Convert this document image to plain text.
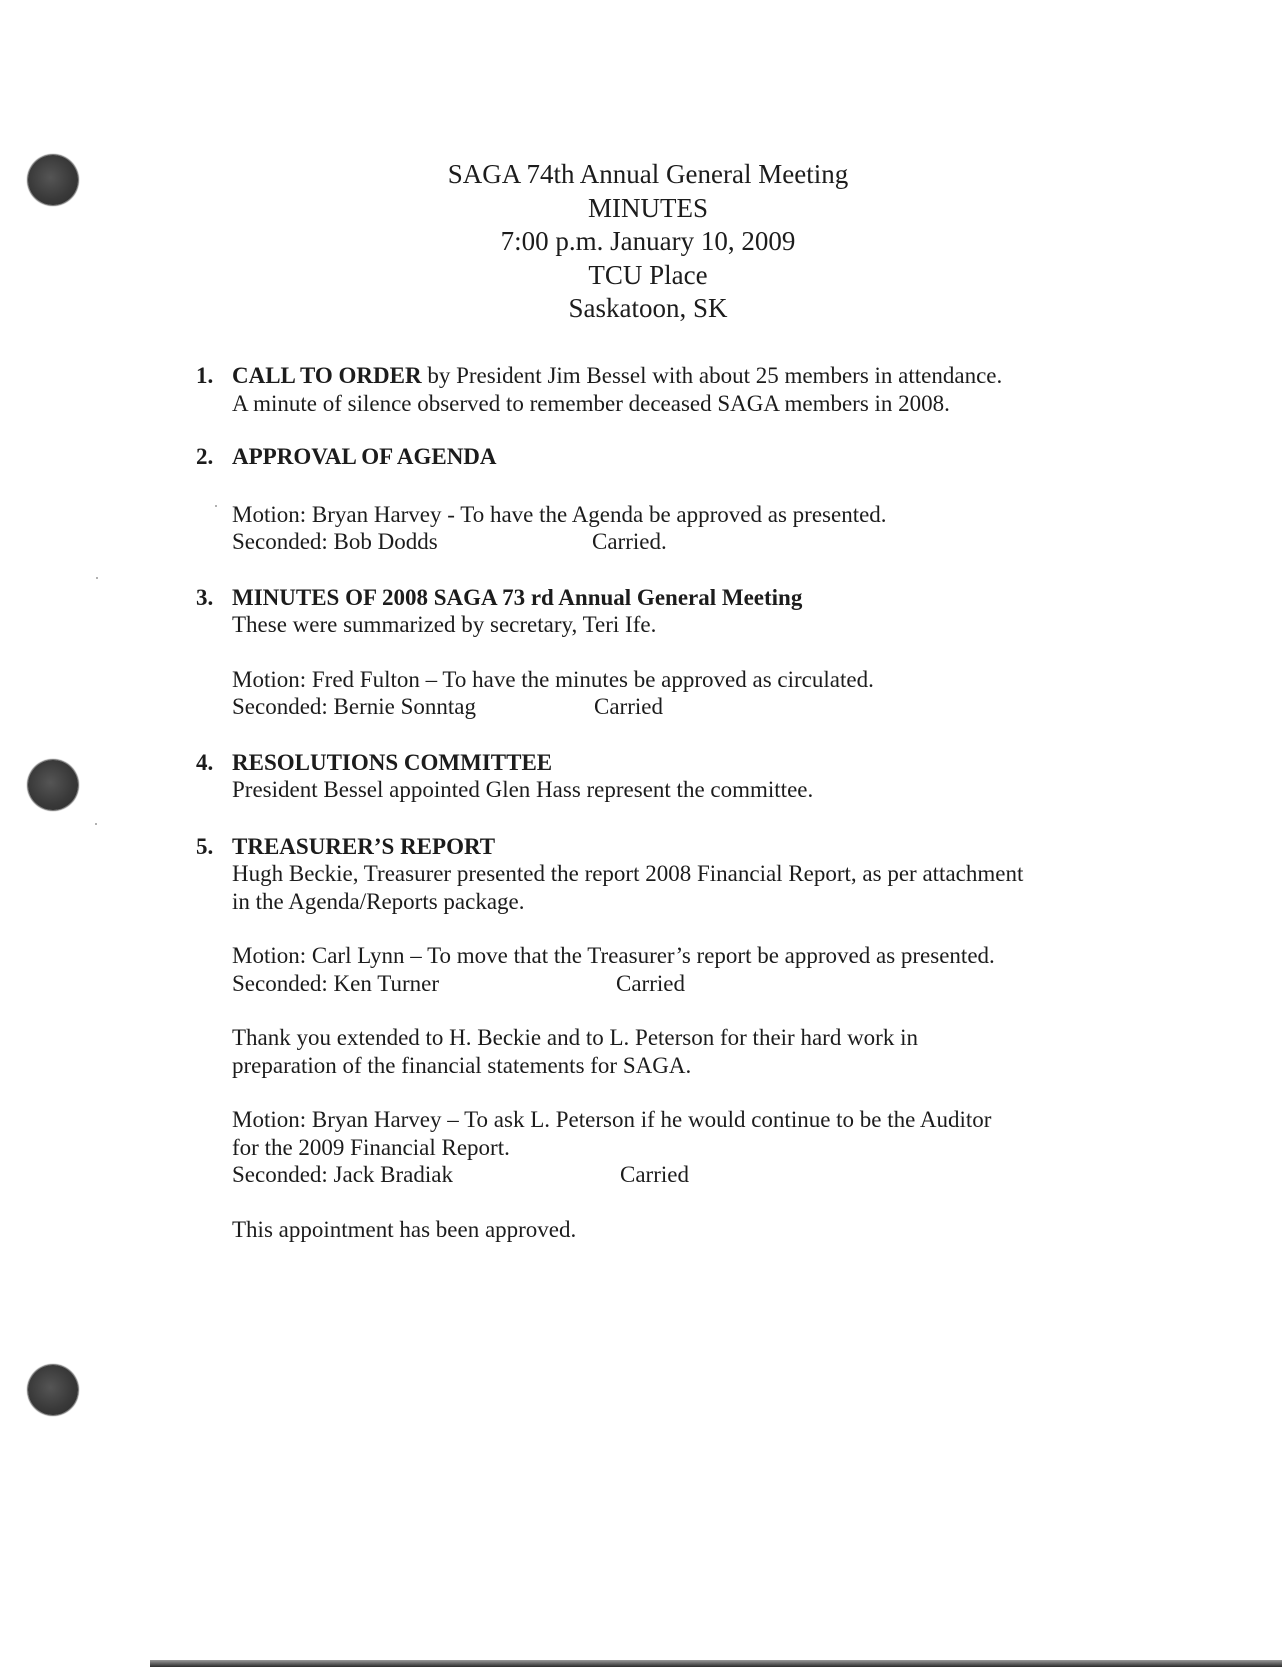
SAGA 74th Annual General Meeting
MINUTES
7:00 p.m. January 10, 2009
TCU Place
Saskatoon, SK
1. CALL TO ORDER by President Jim Bessel with about 25 members in attendance.
A minute of silence observed to remember deceased SAGA members in 2008.
2. APPROVAL OF AGENDA
Motion: Bryan Harvey - To have the Agenda be approved as presented.
Seconded: Bob Dodds	Carried.
3. MINUTES OF 2008 SAGA 73 rd Annual General Meeting
These were summarized by secretary, Teri Ife.
Motion: Fred Fulton – To have the minutes be approved as circulated.
Seconded: Bernie Sonntag	Carried
4. RESOLUTIONS COMMITTEE
President Bessel appointed Glen Hass represent the committee.
5. TREASURER’S REPORT
Hugh Beckie, Treasurer presented the report 2008 Financial Report, as per attachment
in the Agenda/Reports package.
Motion: Carl Lynn – To move that the Treasurer’s report be approved as presented.
Seconded: Ken Turner	Carried
Thank you extended to H. Beckie and to L. Peterson for their hard work in
preparation of the financial statements for SAGA.
Motion: Bryan Harvey – To ask L. Peterson if he would continue to be the Auditor
for the 2009 Financial Report.
Seconded: Jack Bradiak	Carried
This appointment has been approved.
